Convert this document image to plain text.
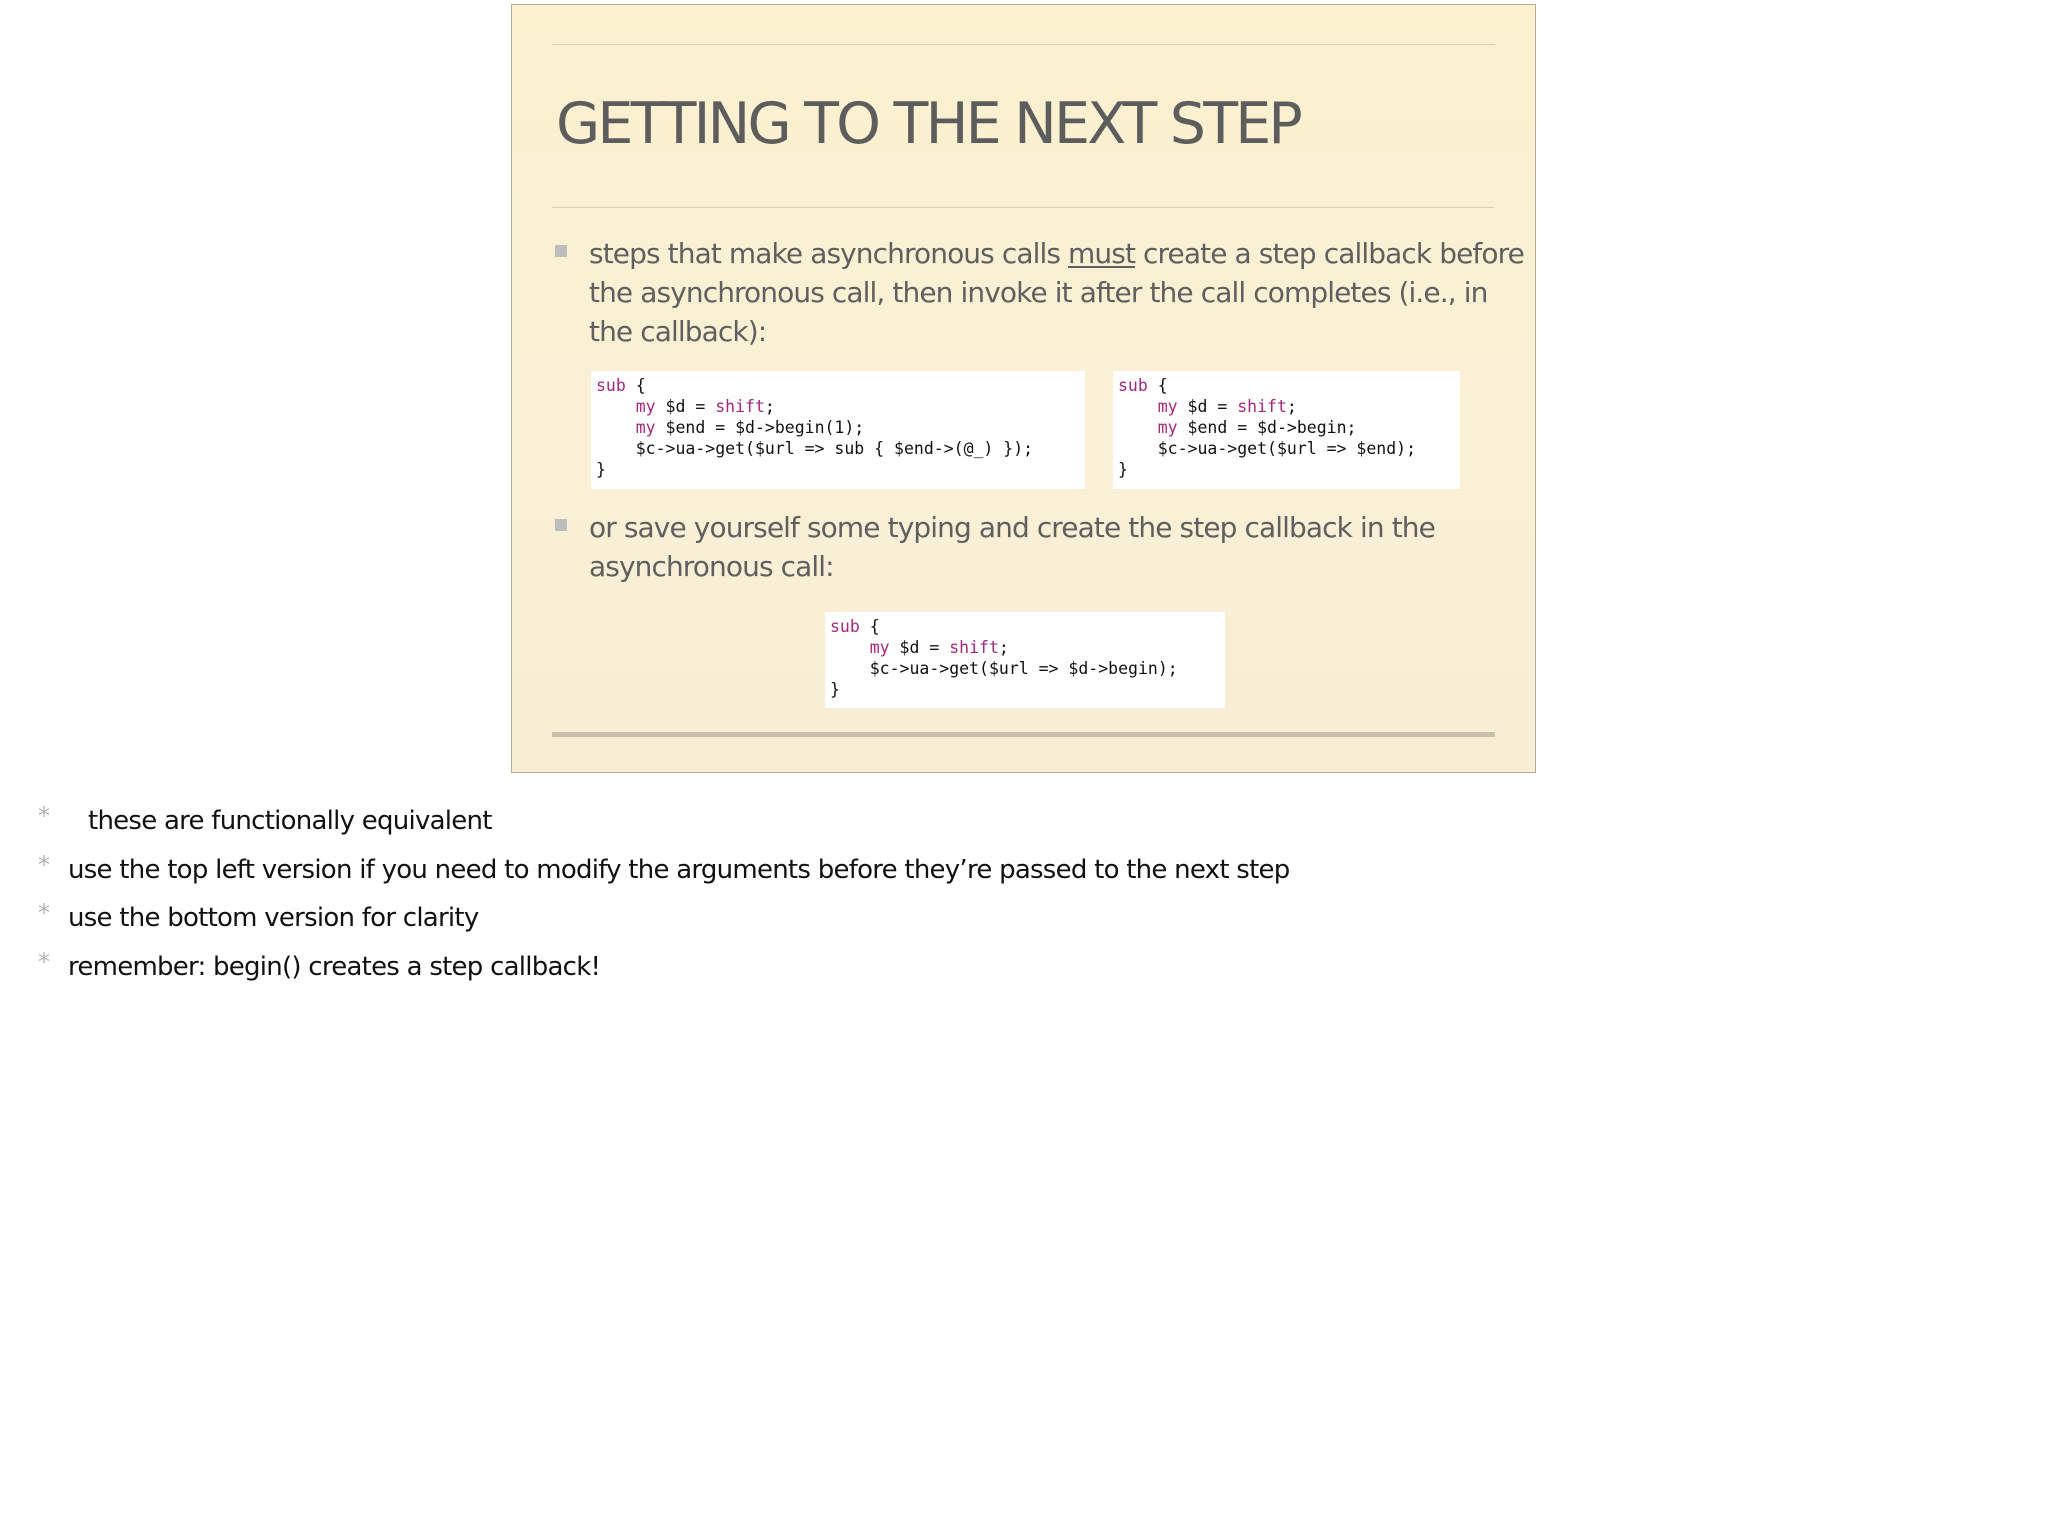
GETTING TO THE NEXT STEP
steps that make asynchronous calls must create a step callback before the asynchronous call, then invoke it after the call completes (i.e., in the callback):
sub {
my $d = shift;
my $end = $d->begin(1);
$c->ua->get($url => sub { $end->(@_) });
}
sub {
my $d = shift;
my $end = $d->begin;
$c->ua->get($url => $end);
}
or save yourself some typing and create the step callback in the asynchronous call:
sub {
my $d = shift;
$c->ua->get($url => $d->begin);
}
* these are functionally equivalent
* use the top left version if you need to modify the arguments before they’re passed to the next step
* use the bottom version for clarity
* remember: begin() creates a step callback!
